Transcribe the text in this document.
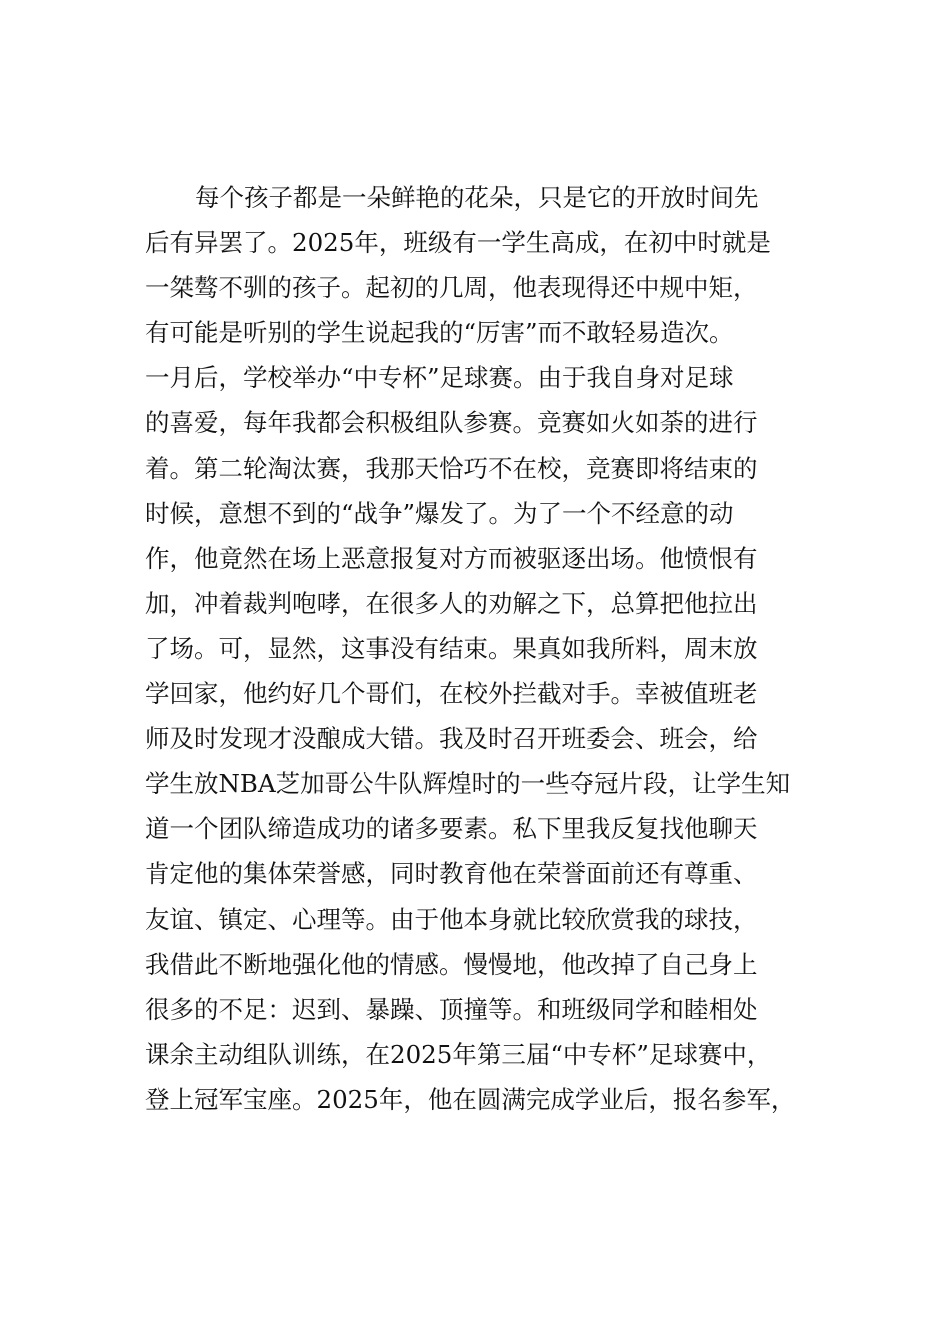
每个孩子都是一朵鲜艳的花朵，只是它的开放时间先
后有异罢了。2025年，班级有一学生高成，在初中时就是
一桀骜不驯的孩子。起初的几周，他表现得还中规中矩，
有可能是听别的学生说起我的“厉害”而不敢轻易造次。
一月后，学校举办“中专杯”足球赛。由于我自身对足球
的喜爱，每年我都会积极组队参赛。竞赛如火如荼的进行
着。第二轮淘汰赛，我那天恰巧不在校，竞赛即将结束的
时候，意想不到的“战争”爆发了。为了一个不经意的动
作，他竟然在场上恶意报复对方而被驱逐出场。他愤恨有
加，冲着裁判咆哮，在很多人的劝解之下，总算把他拉出
了场。可，显然，这事没有结束。果真如我所料，周末放
学回家，他约好几个哥们，在校外拦截对手。幸被值班老
师及时发现才没酿成大错。我及时召开班委会、班会，给
学生放NBA芝加哥公牛队辉煌时的一些夺冠片段，让学生知
道一个团队缔造成功的诸多要素。私下里我反复找他聊天
肯定他的集体荣誉感，同时教育他在荣誉面前还有尊重、
友谊、镇定、心理等。由于他本身就比较欣赏我的球技，
我借此不断地强化他的情感。慢慢地，他改掉了自己身上
很多的不足：迟到、暴躁、顶撞等。和班级同学和睦相处
课余主动组队训练，在2025年第三届“中专杯”足球赛中，
登上冠军宝座。2025年，他在圆满完成学业后，报名参军，
